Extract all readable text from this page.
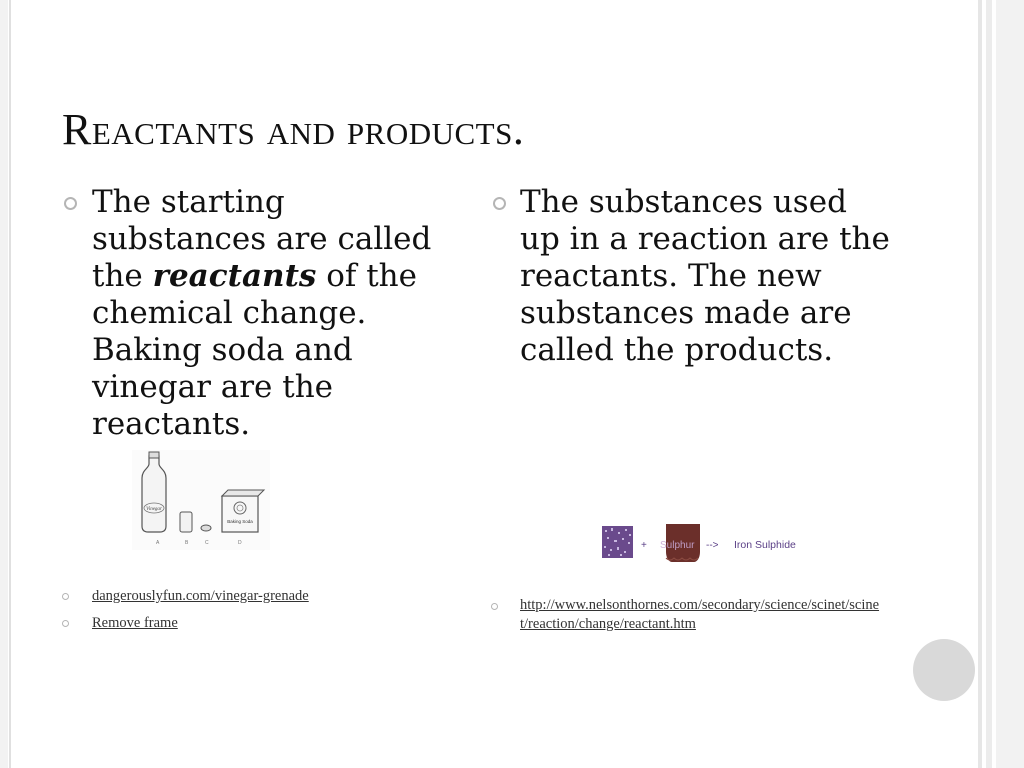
Reactants and products.
The starting substances are called the reactants of the chemical change. Baking soda and vinegar are the reactants.
Vinegar
Baking Soda
A	B	C	D
dangerouslyfun.com/vinegar-grenade
Remove frame
The substances used up in a reaction are the reactants. The new substances made are called the products.
+ Sulphur --> Iron Sulphide
http://www.nelsonthornes.com/secondary/science/scinet/scinet/reaction/change/reactant.htm
